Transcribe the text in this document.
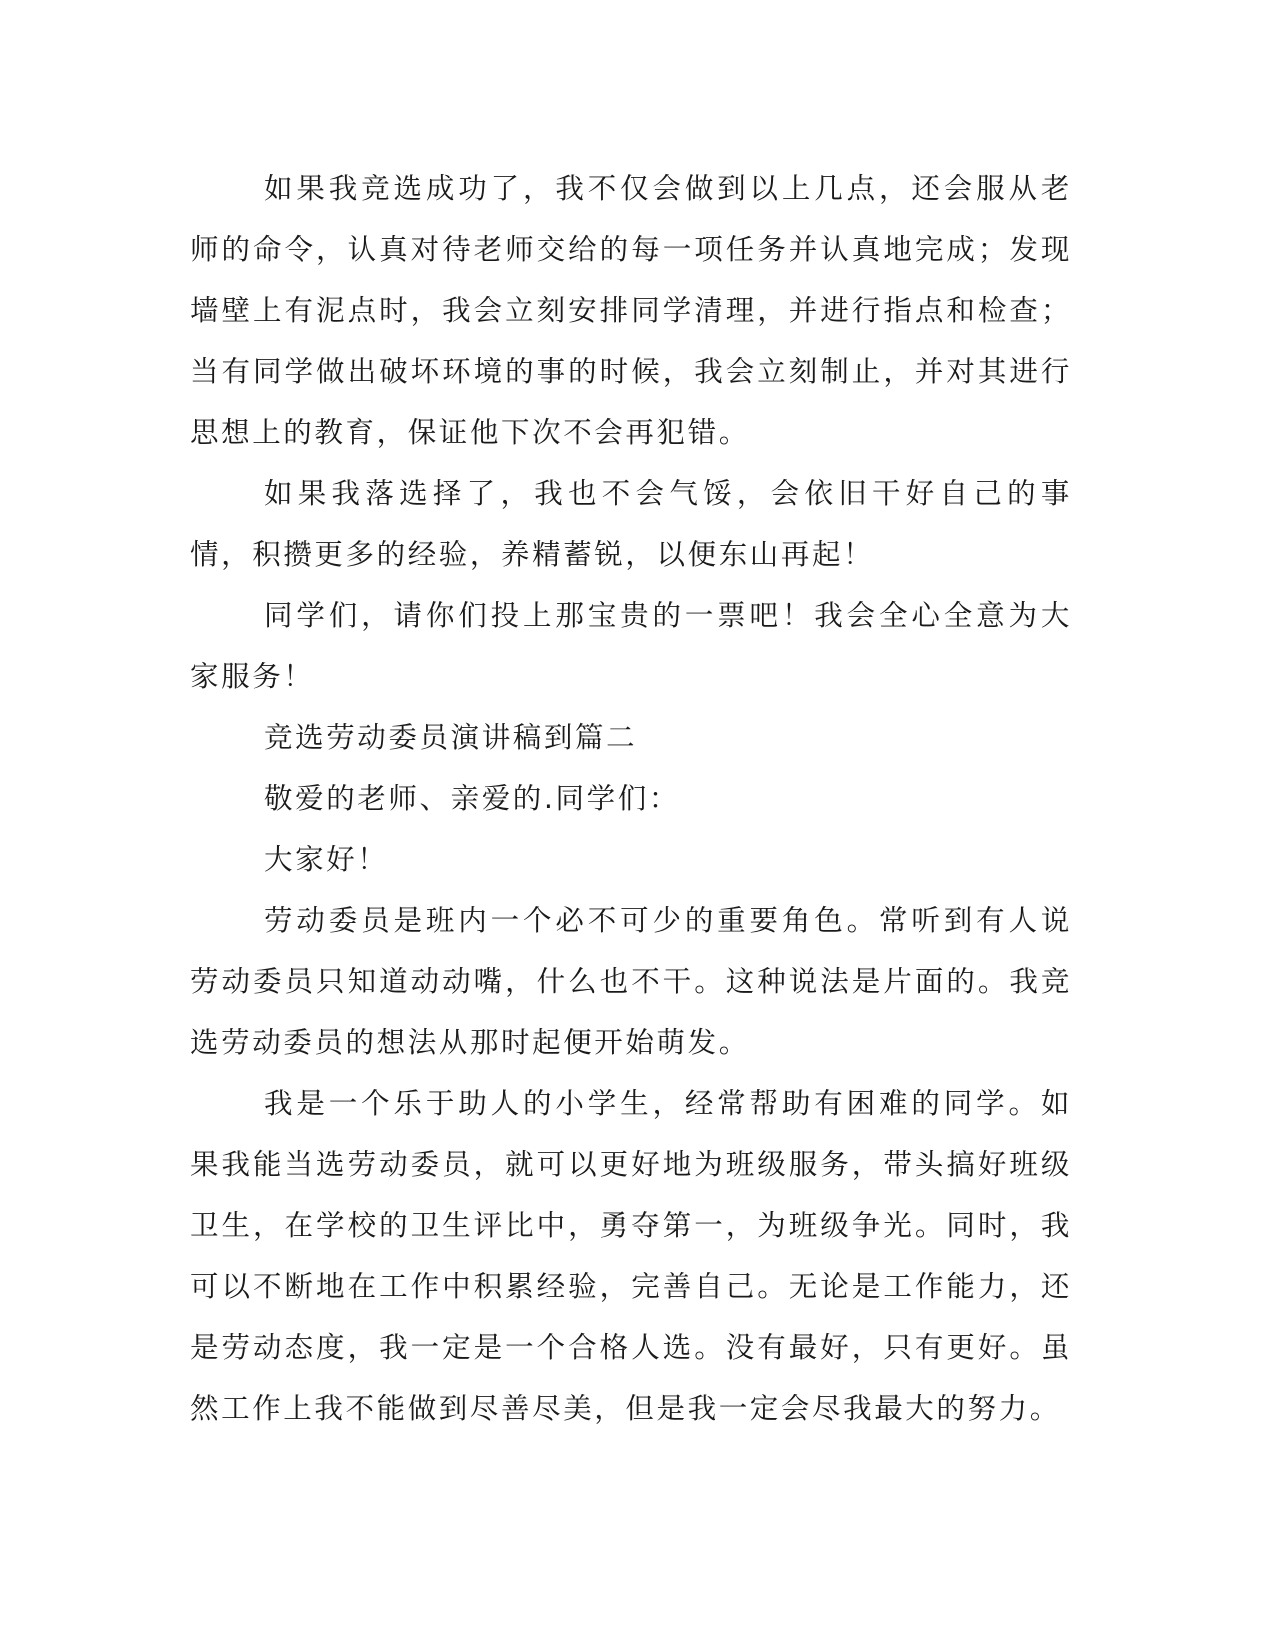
如果我竞选成功了，我不仅会做到以上几点，还会服从老师的命令，认真对待老师交给的每一项任务并认真地完成；发现墙壁上有泥点时，我会立刻安排同学清理，并进行指点和检查；当有同学做出破坏环境的事的时候，我会立刻制止，并对其进行思想上的教育，保证他下次不会再犯错。

如果我落选择了，我也不会气馁，会依旧干好自己的事情，积攒更多的经验，养精蓄锐，以便东山再起！

同学们，请你们投上那宝贵的一票吧！我会全心全意为大家服务！

竞选劳动委员演讲稿到篇二

敬爱的老师、亲爱的.同学们：

大家好！

劳动委员是班内一个必不可少的重要角色。常听到有人说劳动委员只知道动动嘴，什么也不干。这种说法是片面的。我竞选劳动委员的想法从那时起便开始萌发。

我是一个乐于助人的小学生，经常帮助有困难的同学。如果我能当选劳动委员，就可以更好地为班级服务，带头搞好班级卫生，在学校的卫生评比中，勇夺第一，为班级争光。同时，我可以不断地在工作中积累经验，完善自己。无论是工作能力，还是劳动态度，我一定是一个合格人选。没有最好，只有更好。虽然工作上我不能做到尽善尽美，但是我一定会尽我最大的努力。
